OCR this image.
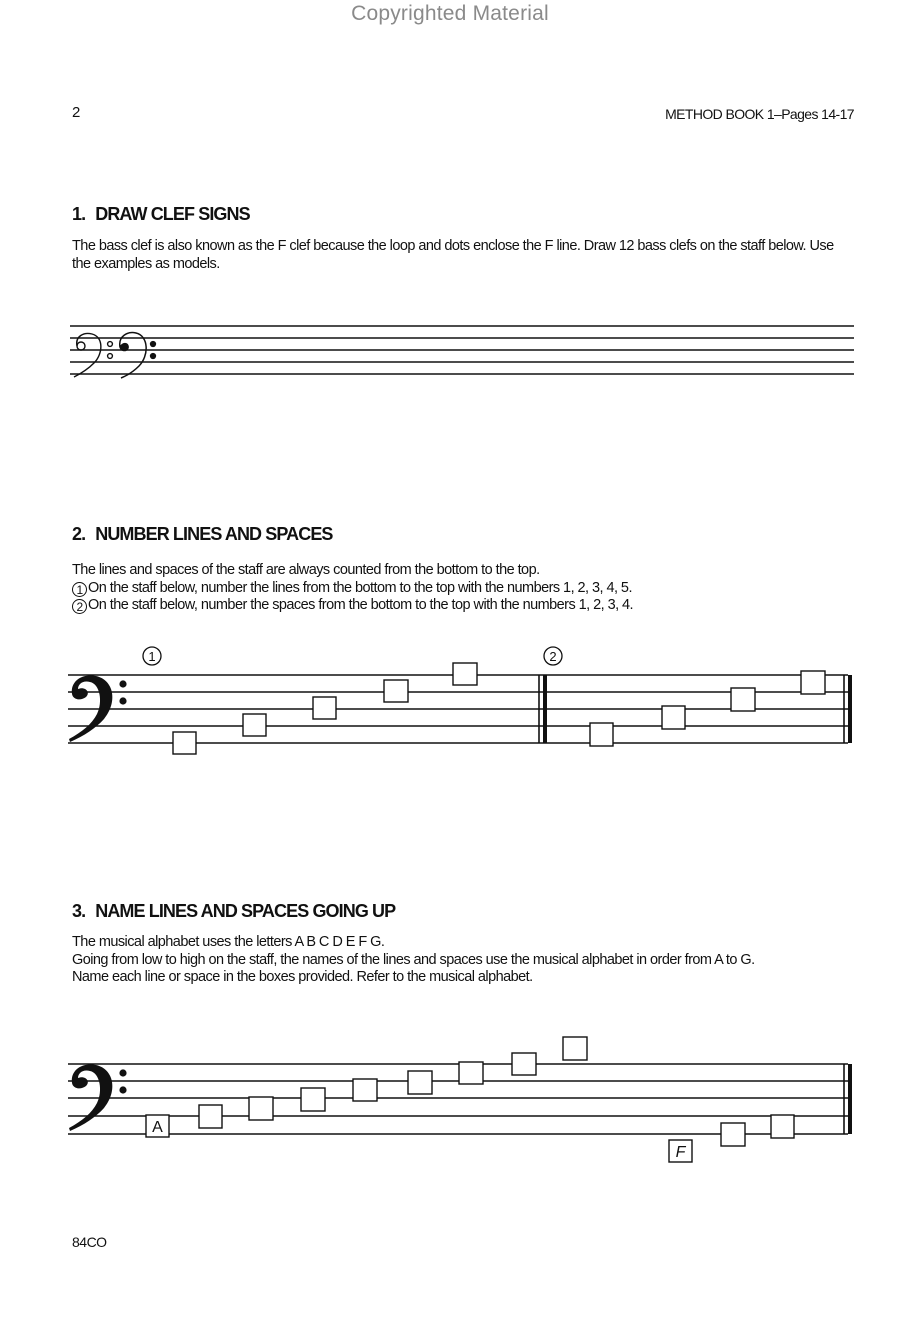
Copyrighted Material
2	METHOD BOOK 1–Pages 14-17
1. DRAW CLEF SIGNS
The bass clef is also known as the F clef because the loop and dots enclose the F line. Draw 12 bass clefs on the staff below. Use the examples as models.
1	2
A
F
2. NUMBER LINES AND SPACES

The lines and spaces of the staff are always counted from the bottom to the top.

1 On the staff below, number the lines from the bottom to the top with the numbers 1, 2, 3, 4, 5.

2 On the staff below, number the spaces from the bottom to the top with the numbers 1, 2, 3, 4.

3. NAME LINES AND SPACES GOING UP

The musical alphabet uses the letters A B C D E F G.

Going from low to high on the staff, the names of the lines and spaces use the musical alphabet in order from A to G.

Name each line or space in the boxes provided. Refer to the musical alphabet.

84CO
